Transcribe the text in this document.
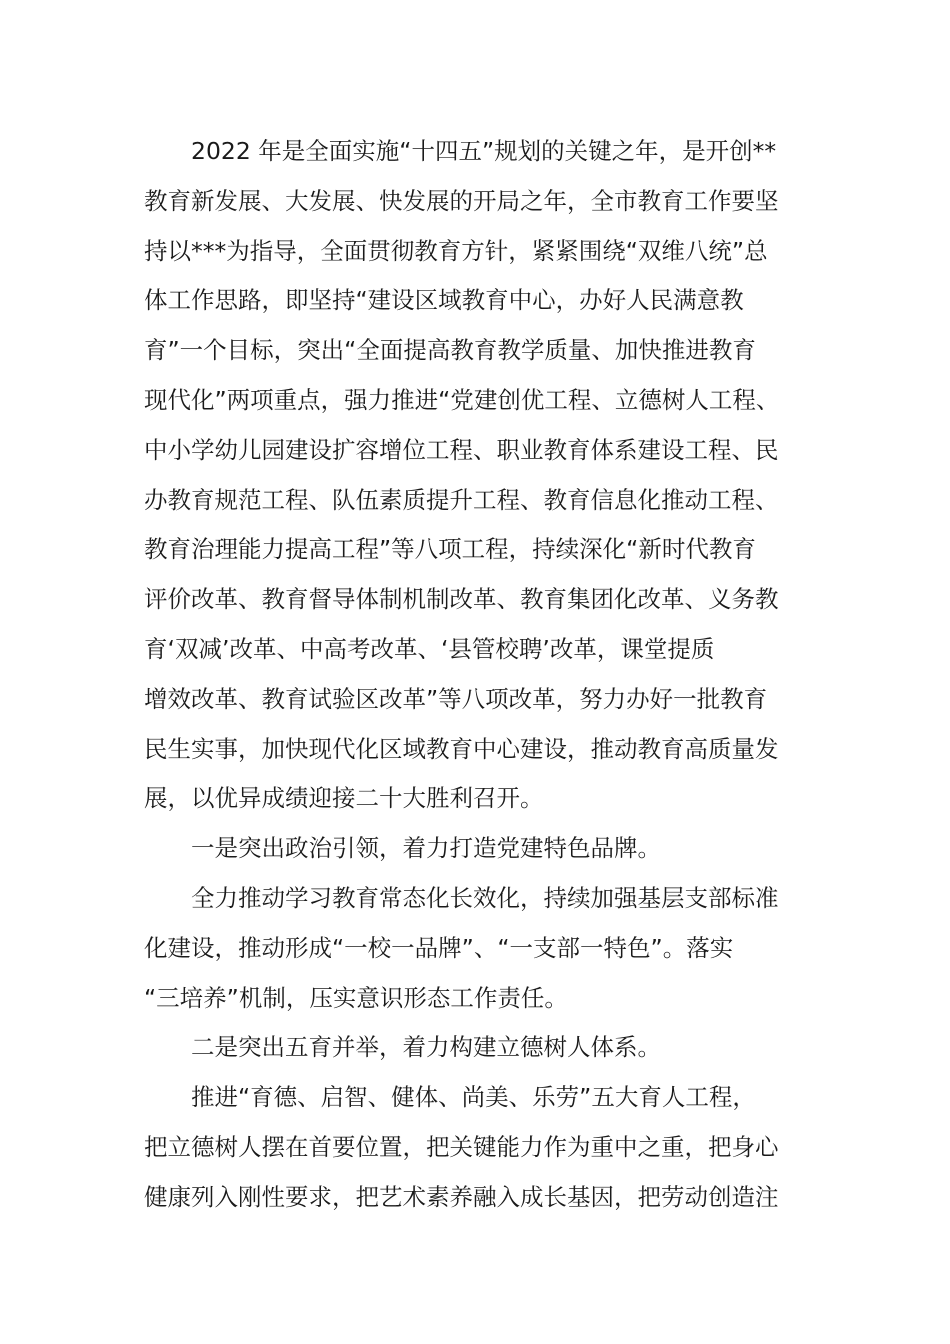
2022 年是全面实施“十四五”规划的关键之年，是开创**
教育新发展、大发展、快发展的开局之年，全市教育工作要坚
持以***为指导，全面贯彻教育方针，紧紧围绕“双维八统”总
体工作思路，即坚持“建设区域教育中心，办好人民满意教
育”一个目标，突出“全面提高教育教学质量、加快推进教育
现代化”两项重点，强力推进“党建创优工程、立德树人工程、
中小学幼儿园建设扩容增位工程、职业教育体系建设工程、民
办教育规范工程、队伍素质提升工程、教育信息化推动工程、
教育治理能力提高工程”等八项工程，持续深化“新时代教育
评价改革、教育督导体制机制改革、教育集团化改革、义务教
育‘双减’改革、中高考改革、‘县管校聘’改革，课堂提质
增效改革、教育试验区改革”等八项改革，努力办好一批教育
民生实事，加快现代化区域教育中心建设，推动教育高质量发
展，以优异成绩迎接二十大胜利召开。
一是突出政治引领，着力打造党建特色品牌。
全力推动学习教育常态化长效化，持续加强基层支部标准
化建设，推动形成“一校一品牌”、“一支部一特色”。落实
“三培养”机制，压实意识形态工作责任。
二是突出五育并举，着力构建立德树人体系。
推进“育德、启智、健体、尚美、乐劳”五大育人工程，
把立德树人摆在首要位置，把关键能力作为重中之重，把身心
健康列入刚性要求，把艺术素养融入成长基因，把劳动创造注
